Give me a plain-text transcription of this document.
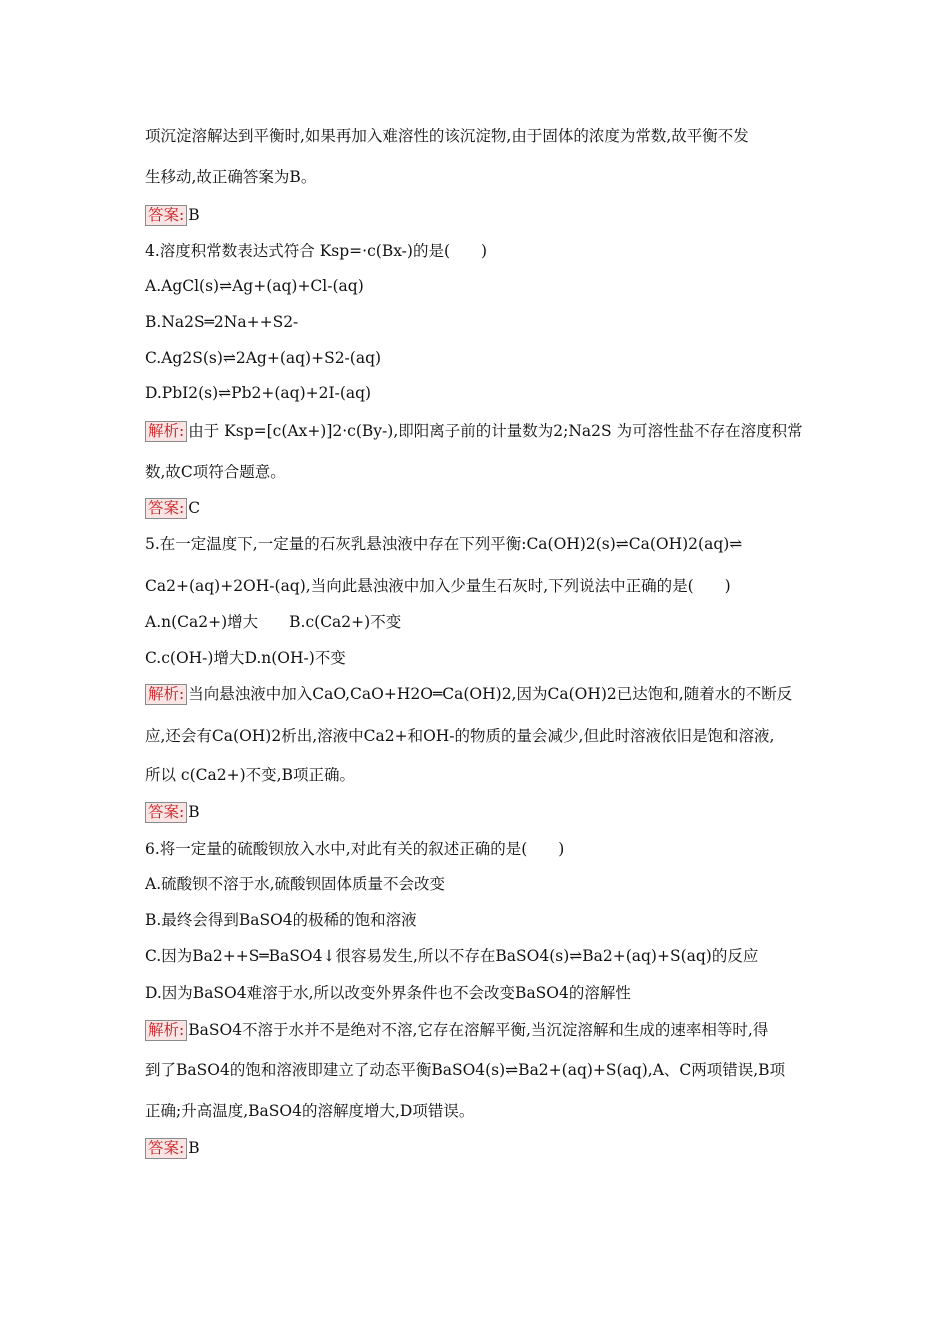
项沉淀溶解达到平衡时,如果再加入难溶性的该沉淀物,由于固体的浓度为常数,故平衡不发
生移动,故正确答案为B。
答案: B
4.溶度积常数表达式符合 Ksp=·c(Bx-)的是(　　)
A.AgCl(s)⇌Ag+(aq)+Cl-(aq)
B.Na2S═2Na++S2-
C.Ag2S(s)⇌2Ag+(aq)+S2-(aq)
D.PbI2(s)⇌Pb2+(aq)+2I-(aq)
解析: 由于 Ksp=[c(Ax+)]2·c(By-),即阳离子前的计量数为2;Na2S 为可溶性盐不存在溶度积常
数,故C项符合题意。
答案: C
5.在一定温度下,一定量的石灰乳悬浊液中存在下列平衡:Ca(OH)2(s)⇌Ca(OH)2(aq)⇌
Ca2+(aq)+2OH-(aq),当向此悬浊液中加入少量生石灰时,下列说法中正确的是(　　)
A.n(Ca2+)增大　　B.c(Ca2+)不变
C.c(OH-)增大D.n(OH-)不变
解析: 当向悬浊液中加入CaO,CaO+H2O═Ca(OH)2,因为Ca(OH)2已达饱和,随着水的不断反
应,还会有Ca(OH)2析出,溶液中Ca2+和OH-的物质的量会减少,但此时溶液依旧是饱和溶液,
所以 c(Ca2+)不变,B项正确。
答案: B
6.将一定量的硫酸钡放入水中,对此有关的叙述正确的是(　　)
A.硫酸钡不溶于水,硫酸钡固体质量不会改变
B.最终会得到BaSO4的极稀的饱和溶液
C.因为Ba2++S═BaSO4↓很容易发生,所以不存在BaSO4(s)⇌Ba2+(aq)+S(aq)的反应
D.因为BaSO4难溶于水,所以改变外界条件也不会改变BaSO4的溶解性
解析: BaSO4不溶于水并不是绝对不溶,它存在溶解平衡,当沉淀溶解和生成的速率相等时,得
到了BaSO4的饱和溶液即建立了动态平衡BaSO4(s)⇌Ba2+(aq)+S(aq),A、C两项错误,B项
正确;升高温度,BaSO4的溶解度增大,D项错误。
答案: B
